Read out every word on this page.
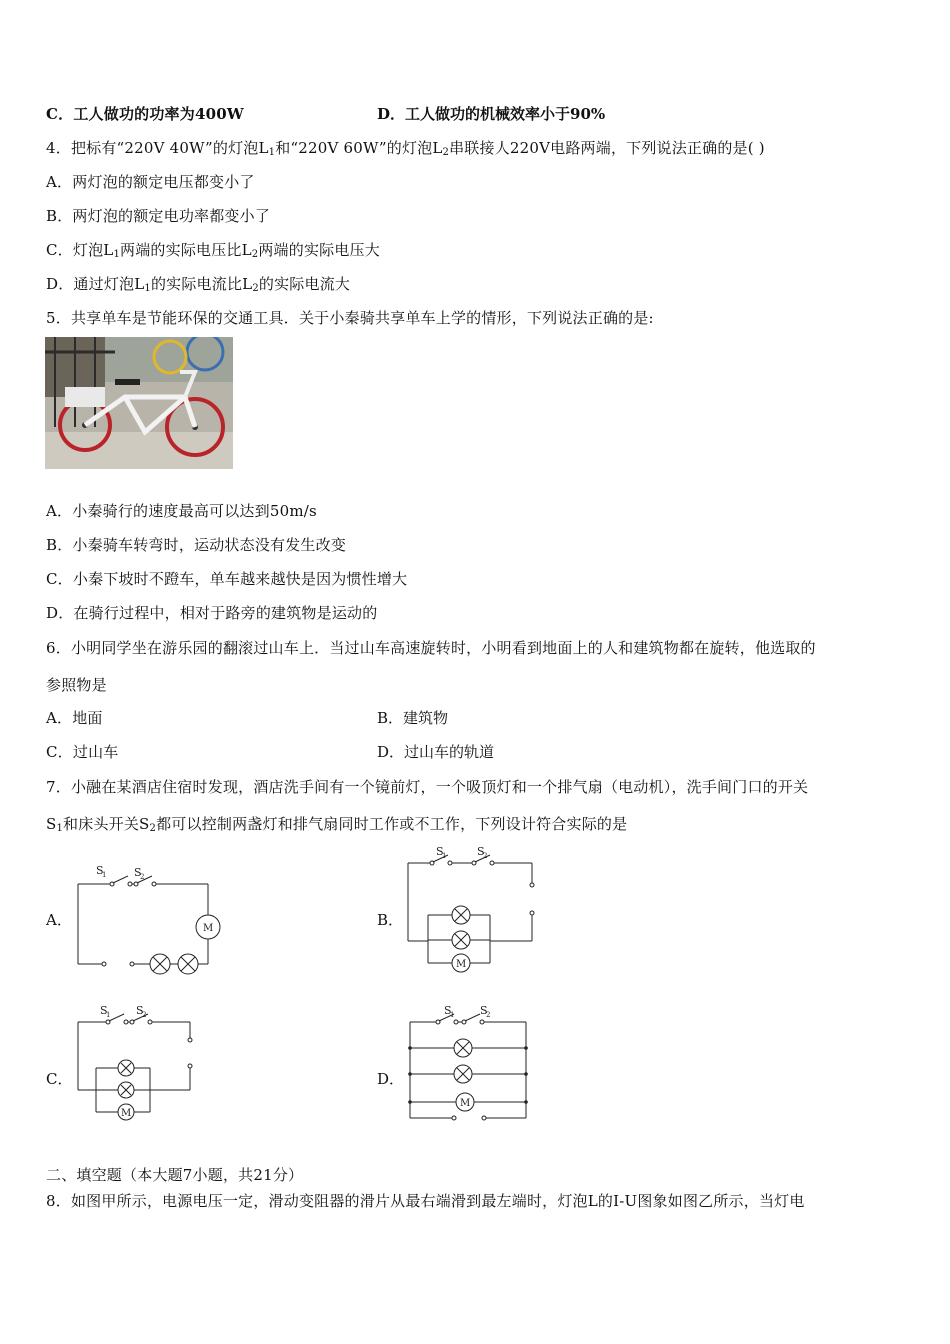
C．工人做功的功率为400W	D．工人做功的机械效率小于90%
4．把标有“220V 40W”的灯泡$L_1$和“220V 60W”的灯泡$L_2$串联接人220V电路两端，下列说法正确的是( )
A．两灯泡的额定电压都变小了
B．两灯泡的额定电功率都变小了
C．灯泡$L_1$两端的实际电压比$L_2$两端的实际电压大
D．通过灯泡$L_1$的实际电流比$L_2$的实际电流大
5．共享单车是节能环保的交通工具．关于小秦骑共享单车上学的情形，下列说法正确的是:
A．小秦骑行的速度最高可以达到50m/s
B．小秦骑车转弯时，运动状态没有发生改变
C．小秦下坡时不蹬车，单车越来越快是因为惯性增大
D．在骑行过程中，相对于路旁的建筑物是运动的
6．小明同学坐在游乐园的翻滚过山车上．当过山车高速旋转时，小明看到地面上的人和建筑物都在旋转，他选取的
参照物是
A．地面	B．建筑物
C．过山车	D．过山车的轨道
7．小融在某酒店住宿时发现，酒店洗手间有一个镜前灯，一个吸顶灯和一个排气扇（电动机），洗手间门口的开关
$S_1$和床头开关$S_2$都可以控制两盏灯和排气扇同时工作或不工作，下列设计符合实际的是
A．
S
1	S
2
M	B．
S
1	S
2
M
C．
S
1 S
2
M
D．
S
1 S
2
M
二、填空题（本大题7小题，共21分）
8．如图甲所示，电源电压一定，滑动变阻器的滑片从最右端滑到最左端时，灯泡L的I-U图象如图乙所示，当灯电
